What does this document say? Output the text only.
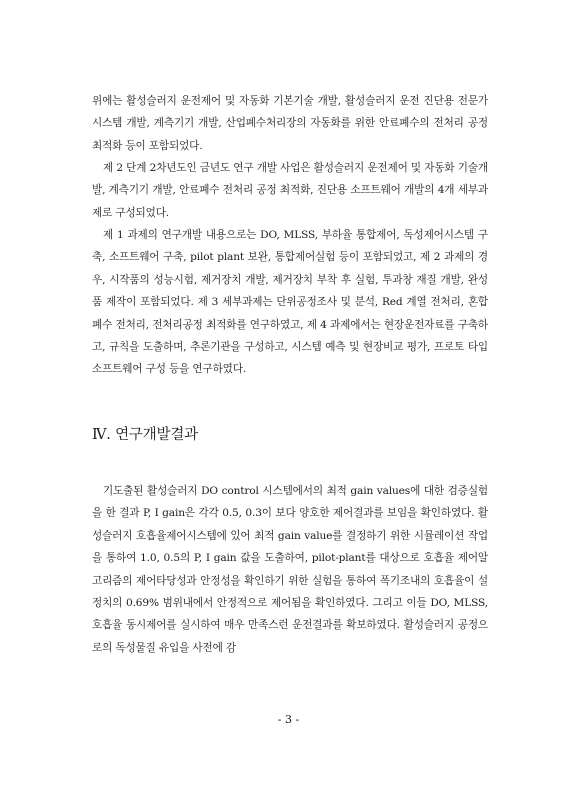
위에는 활성슬러지 운전제어 및 자동화 기본기술 개발, 활성슬러지 운전 진단용 전문가 시스템 개발, 계측기기 개발, 산업폐수처리장의 자동화를 위한 안료폐수의 전처리 공정 최적화 등이 포함되었다.

제 2 단계 2차년도인 금년도 연구 개발 사업은 활성슬러지 운전제어 및 자동화 기술개발, 계측기기 개발, 안료폐수 전처리 공정 최적화, 진단용 소프트웨어 개발의 4개 세부과제로 구성되었다.

제 1 과제의 연구개발 내용으로는 DO, MLSS, 부하율 통합제어, 독성제어시스템 구축, 소프트웨어 구축, pilot plant 보완, 통합제어실험 등이 포함되었고, 제 2 과제의 경우, 시작품의 성능시험, 제거장치 개발, 제거장치 부착 후 실험, 투과창 재질 개발, 완성품 제작이 포함되었다. 제 3 세부과제는 단위공정조사 및 분석, Red 계열 전처리, 혼합폐수 전처리, 전처리공정 최적화를 연구하였고, 제 4 과제에서는 현장운전자료를 구축하고, 규칙을 도출하며, 추론기관을 구성하고, 시스템 예측 및 현장비교 평가, 프로토 타입 소프트웨어 구성 등을 연구하였다.

Ⅳ. 연구개발결과

기도출된 활성슬러지 DO control 시스템에서의 최적 gain values에 대한 검증실험을 한 결과 P, I gain은 각각 0.5, 0.3이 보다 양호한 제어결과를 보임을 확인하였다. 활성슬러지 호흡율제어시스템에 있어 최적 gain value를 결정하기 위한 시뮬레이션 작업을 통하여 1.0, 0.5의 P, I gain 값을 도출하여, pilot-plant를 대상으로 호흡율 제어알고리즘의 제어타당성과 안정성을 확인하기 위한 실험을 통하여 폭기조내의 호흡율이 설정치의 0.69% 범위내에서 안정적으로 제어됨을 확인하였다. 그리고 이들 DO, MLSS, 호흡율 동시제어를 실시하여 매우 만족스런 운전결과를 확보하였다. 활성슬러지 공정으로의 독성물질 유입을 사전에 감

- 3 -
